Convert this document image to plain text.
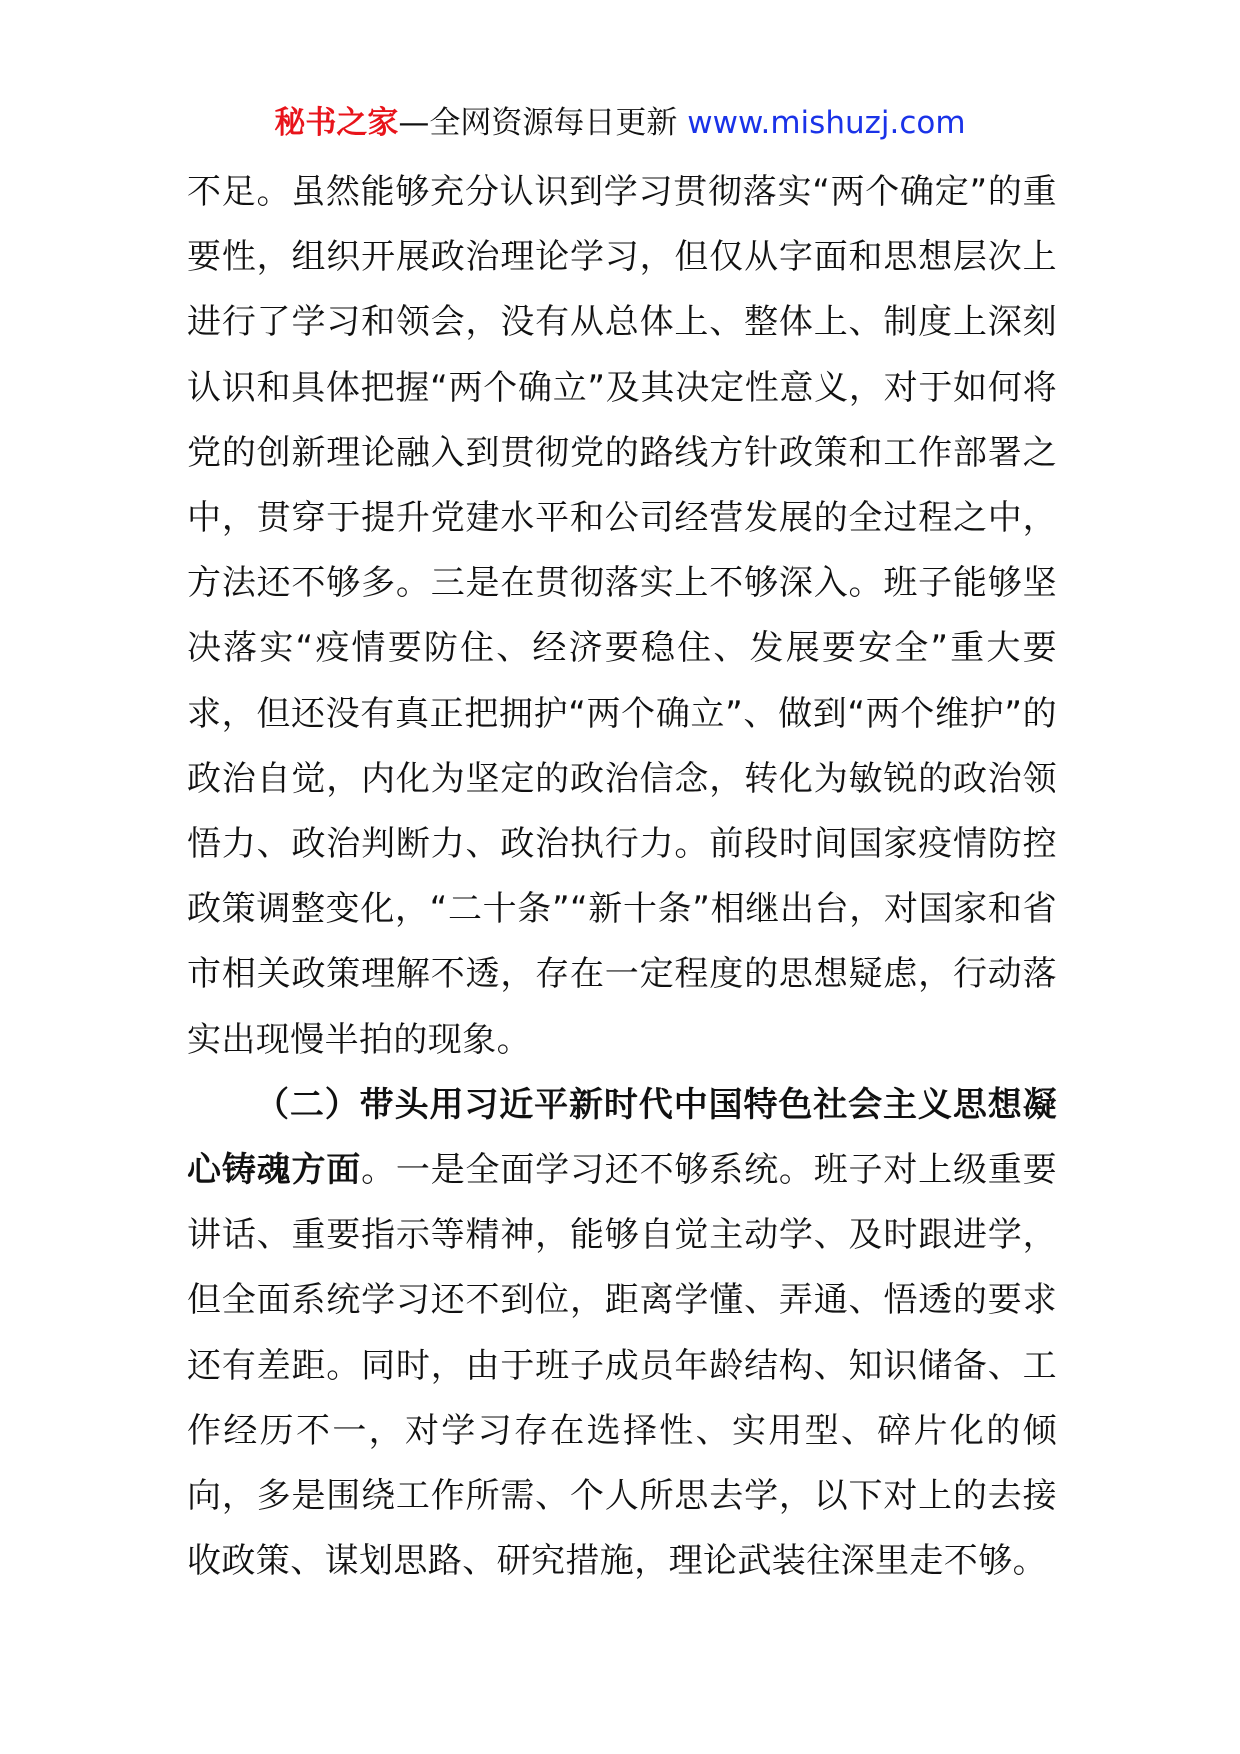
秘书之家—全网资源每日更新 www.mishuzj.com

不足。虽然能够充分认识到学习贯彻落实“两个确定”的重要性，组织开展政治理论学习，但仅从字面和思想层次上进行了学习和领会，没有从总体上、整体上、制度上深刻认识和具体把握“两个确立”及其决定性意义，对于如何将党的创新理论融入到贯彻党的路线方针政策和工作部署之中，贯穿于提升党建水平和公司经营发展的全过程之中，方法还不够多。三是在贯彻落实上不够深入。班子能够坚决落实“疫情要防住、经济要稳住、发展要安全”重大要求，但还没有真正把拥护“两个确立”、做到“两个维护”的政治自觉，内化为坚定的政治信念，转化为敏锐的政治领悟力、政治判断力、政治执行力。前段时间国家疫情防控政策调整变化，“二十条”“新十条”相继出台，对国家和省市相关政策理解不透，存在一定程度的思想疑虑，行动落实出现慢半拍的现象。

（二）带头用习近平新时代中国特色社会主义思想凝心铸魂方面。一是全面学习还不够系统。班子对上级重要讲话、重要指示等精神，能够自觉主动学、及时跟进学，但全面系统学习还不到位，距离学懂、弄通、悟透的要求还有差距。同时，由于班子成员年龄结构、知识储备、工作经历不一，对学习存在选择性、实用型、碎片化的倾向，多是围绕工作所需、个人所思去学，以下对上的去接收政策、谋划思路、研究措施，理论武装往深里走不够。
